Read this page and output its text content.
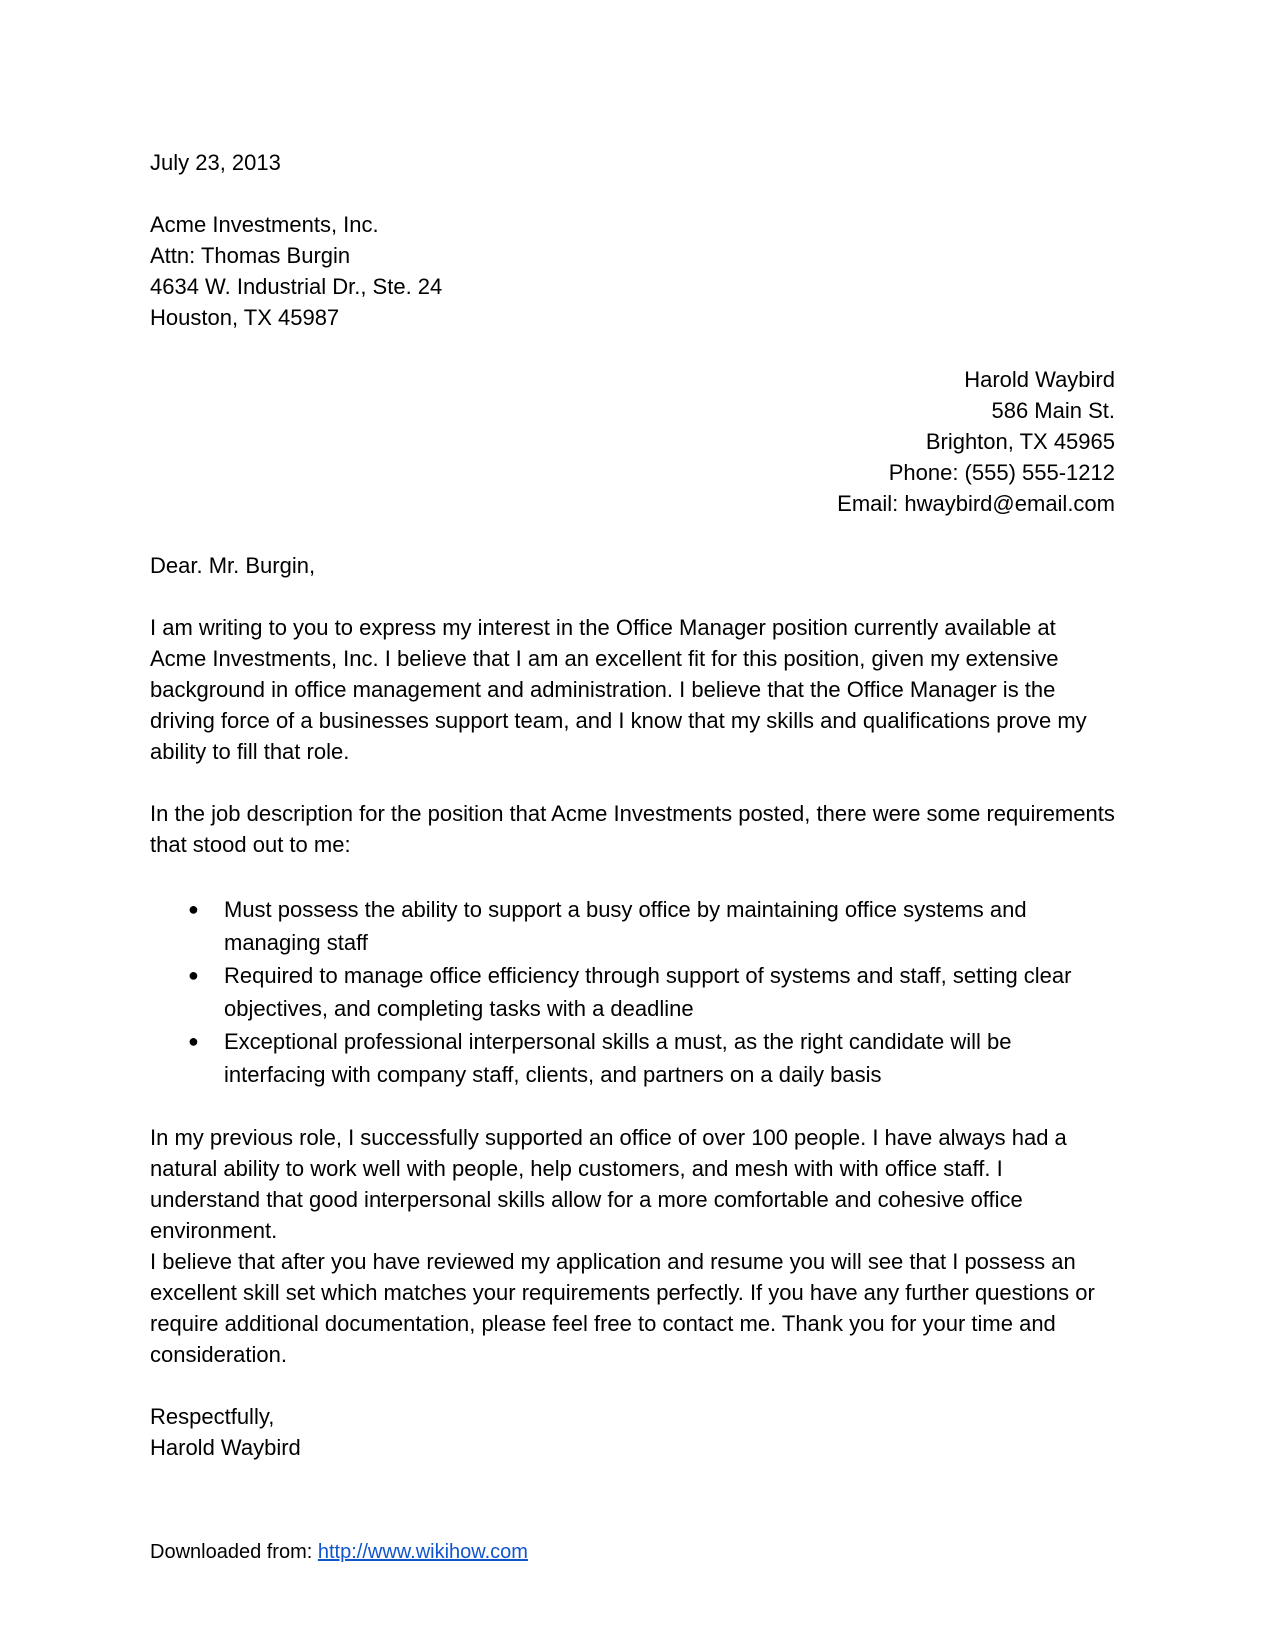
July 23, 2013
Acme Investments, Inc.
Attn: Thomas Burgin
4634 W. Industrial Dr., Ste. 24
Houston, TX 45987
Harold Waybird
586 Main St.
Brighton, TX 45965
Phone: (555) 555-1212
Email: hwaybird@email.com
Dear. Mr. Burgin,

I am writing to you to express my interest in the Office Manager position currently available at Acme Investments, Inc. I believe that I am an excellent fit for this position, given my extensive background in office management and administration. I believe that the Office Manager is the driving force of a businesses support team, and I know that my skills and qualifications prove my ability to fill that role.

In the job description for the position that Acme Investments posted, there were some requirements that stood out to me:

● Must possess the ability to support a busy office by maintaining office systems and managing staff
● Required to manage office efficiency through support of systems and staff, setting clear objectives, and completing tasks with a deadline
● Exceptional professional interpersonal skills a must, as the right candidate will be interfacing with company staff, clients, and partners on a daily basis

In my previous role, I successfully supported an office of over 100 people. I have always had a natural ability to work well with people, help customers, and mesh with with office staff. I understand that good interpersonal skills allow for a more comfortable and cohesive office environment.

I believe that after you have reviewed my application and resume you will see that I possess an excellent skill set which matches your requirements perfectly. If you have any further questions or require additional documentation, please feel free to contact me. Thank you for your time and consideration.

Respectfully,
Harold Waybird
Downloaded from: http://www.wikihow.com
